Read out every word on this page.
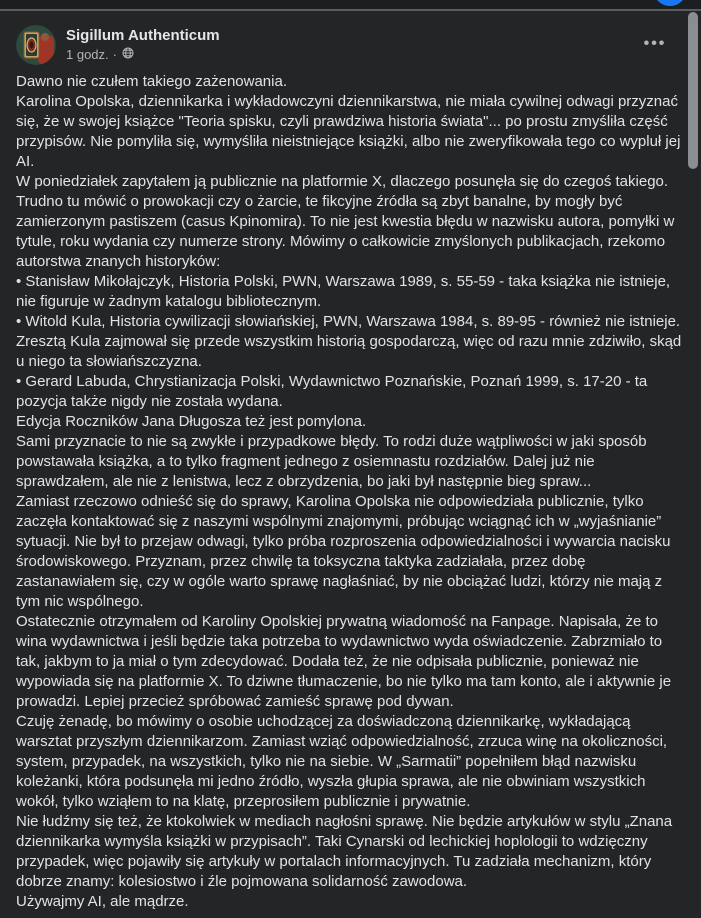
Sigillum Authenticum
1 godz. ·
•••
Dawno nie czułem takiego zażenowania.
Karolina Opolska, dziennikarka i wykładowczyni dziennikarstwa, nie miała cywilnej odwagi przyznać się, że w swojej książce "Teoria spisku, czyli prawdziwa historia świata"... po prostu zmyśliła część przypisów. Nie pomyliła się, wymyśliła nieistniejące książki, albo nie zweryfikowała tego co wypluł jej AI.
W poniedziałek zapytałem ją publicznie na platformie X, dlaczego posunęła się do czegoś takiego. Trudno tu mówić o prowokacji czy o żarcie, te fikcyjne źródła są zbyt banalne, by mogły być zamierzonym pastiszem (casus Kpinomira). To nie jest kwestia błędu w nazwisku autora, pomyłki w tytule, roku wydania czy numerze strony. Mówimy o całkowicie zmyślonych publikacjach, rzekomo autorstwa znanych historyków:
• Stanisław Mikołajczyk, Historia Polski, PWN, Warszawa 1989, s. 55-59 - taka książka nie istnieje, nie figuruje w żadnym katalogu bibliotecznym.
• Witold Kula, Historia cywilizacji słowiańskiej, PWN, Warszawa 1984, s. 89-95 - również nie istnieje. Zresztą Kula zajmował się przede wszystkim historią gospodarczą, więc od razu mnie zdziwiło, skąd u niego ta słowiańszczyzna.
• Gerard Labuda, Chrystianizacja Polski, Wydawnictwo Poznańskie, Poznań 1999, s. 17-20 - ta pozycja także nigdy nie została wydana.
Edycja Roczników Jana Długosza też jest pomylona.
Sami przyznacie to nie są zwykłe i przypadkowe błędy. To rodzi duże wątpliwości w jaki sposób powstawała książka, a to tylko fragment jednego z osiemnastu rozdziałów. Dalej już nie sprawdzałem, ale nie z lenistwa, lecz z obrzydzenia, bo jaki był następnie bieg spraw...
Zamiast rzeczowo odnieść się do sprawy, Karolina Opolska nie odpowiedziała publicznie, tylko zaczęła kontaktować się z naszymi wspólnymi znajomymi, próbując wciągnąć ich w „wyjaśnianie” sytuacji. Nie był to przejaw odwagi, tylko próba rozproszenia odpowiedzialności i wywarcia nacisku środowiskowego. Przyznam, przez chwilę ta toksyczna taktyka zadziałała, przez dobę zastanawiałem się, czy w ogóle warto sprawę nagłaśniać, by nie obciążać ludzi, którzy nie mają z tym nic wspólnego.
Ostatecznie otrzymałem od Karoliny Opolskiej prywatną wiadomość na Fanpage. Napisała, że to wina wydawnictwa i jeśli będzie taka potrzeba to wydawnictwo wyda oświadczenie. Zabrzmiało to tak, jakbym to ja miał o tym zdecydować. Dodała też, że nie odpisała publicznie, ponieważ nie wypowiada się na platformie X. To dziwne tłumaczenie, bo nie tylko ma tam konto, ale i aktywnie je prowadzi. Lepiej przecież spróbować zamieść sprawę pod dywan.
Czuję żenadę, bo mówimy o osobie uchodzącej za doświadczoną dziennikarkę, wykładającą warsztat przyszłym dziennikarzom. Zamiast wziąć odpowiedzialność, zrzuca winę na okoliczności, system, przypadek, na wszystkich, tylko nie na siebie. W „Sarmatii” popełniłem błąd nazwisku koleżanki, która podsunęła mi jedno źródło, wyszła głupia sprawa, ale nie obwiniam wszystkich wokół, tylko wziąłem to na klatę, przeprosiłem publicznie i prywatnie.
Nie łudźmy się też, że ktokolwiek w mediach nagłośni sprawę. Nie będzie artykułów w stylu „Znana dziennikarka wymyśla książki w przypisach”. Taki Cynarski od lechickiej hoplologii to wdzięczny przypadek, więc pojawiły się artykuły w portalach informacyjnych. Tu zadziała mechanizm, który dobrze znamy: kolesiostwo i źle pojmowana solidarność zawodowa.
Używajmy AI, ale mądrze.
